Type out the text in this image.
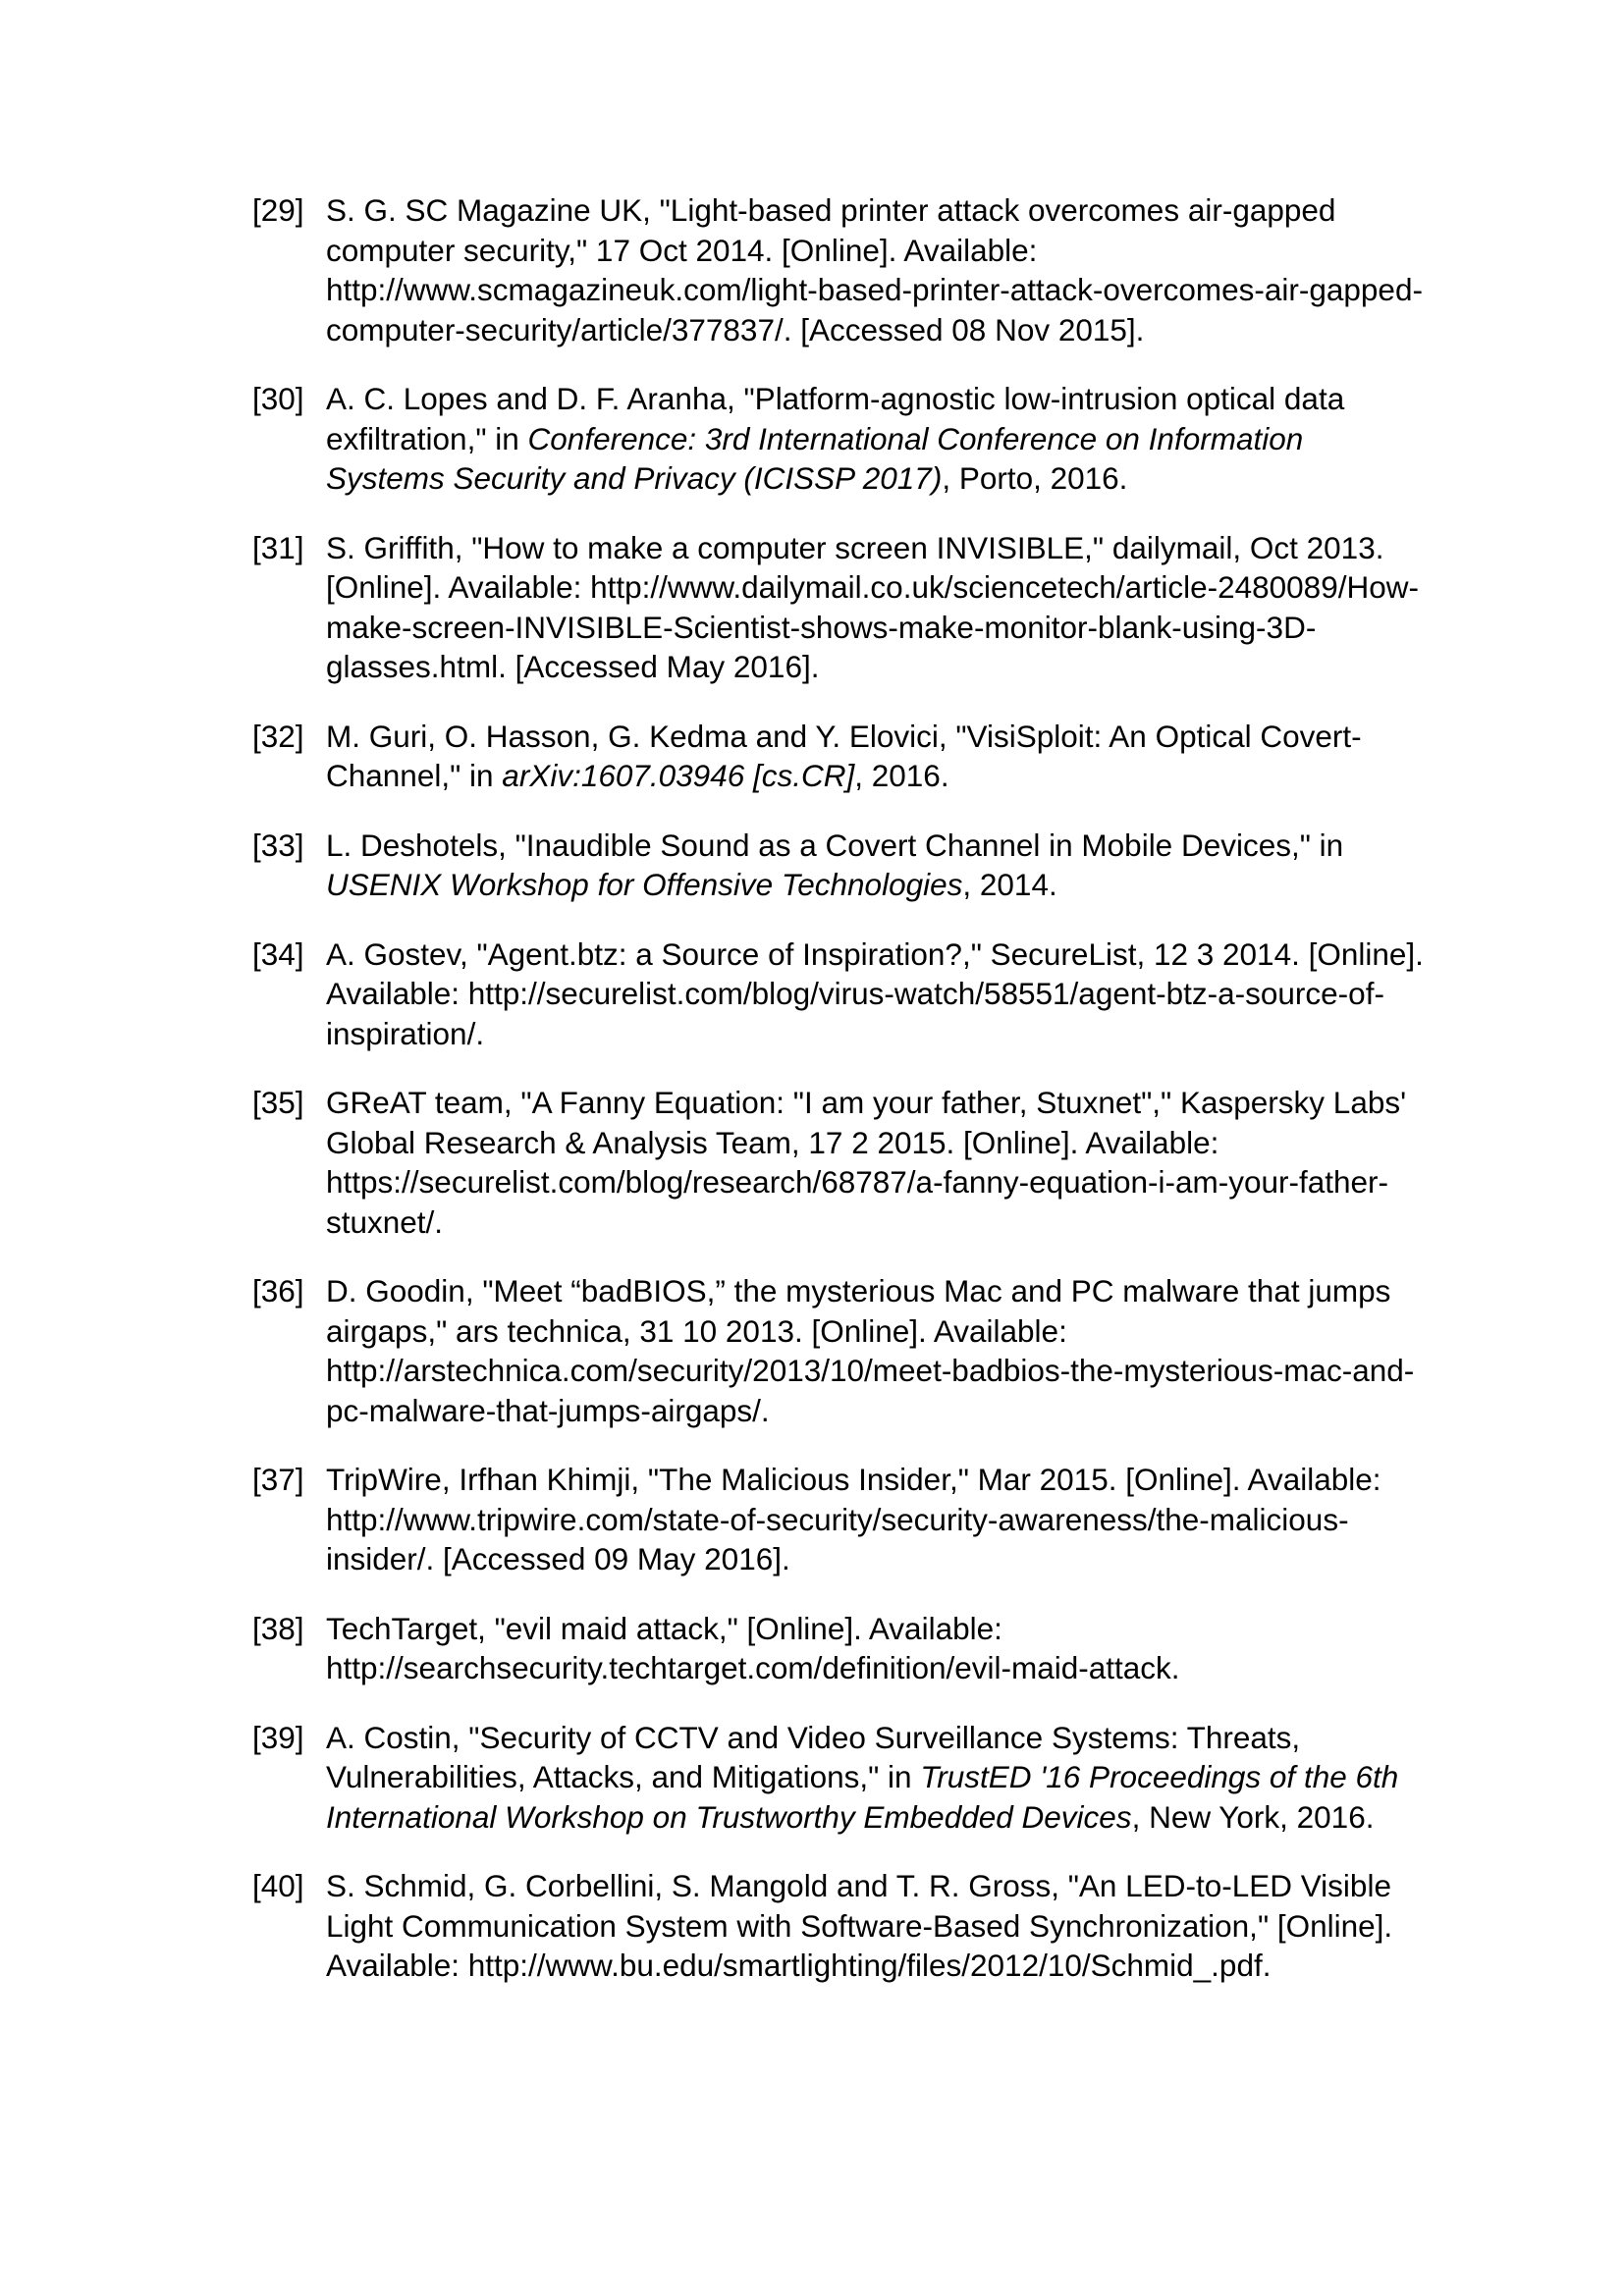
[29] S. G. SC Magazine UK, "Light-based printer attack overcomes air-gapped computer security," 17 Oct 2014. [Online]. Available: http://www.scmagazineuk.com/light-based-printer-attack-overcomes-air-gapped-computer-security/article/377837/. [Accessed 08 Nov 2015].
[30] A. C. Lopes and D. F. Aranha, "Platform-agnostic low-intrusion optical data exfiltration," in Conference: 3rd International Conference on Information Systems Security and Privacy (ICISSP 2017), Porto, 2016.
[31] S. Griffith, "How to make a computer screen INVISIBLE," dailymail, Oct 2013. [Online]. Available: http://www.dailymail.co.uk/sciencetech/article-2480089/How-make-screen-INVISIBLE-Scientist-shows-make-monitor-blank-using-3D-glasses.html. [Accessed May 2016].
[32] M. Guri, O. Hasson, G. Kedma and Y. Elovici, "VisiSploit: An Optical Covert-Channel," in arXiv:1607.03946 [cs.CR], 2016.
[33] L. Deshotels, "Inaudible Sound as a Covert Channel in Mobile Devices," in USENIX Workshop for Offensive Technologies, 2014.
[34] A. Gostev, "Agent.btz: a Source of Inspiration?," SecureList, 12 3 2014. [Online]. Available: http://securelist.com/blog/virus-watch/58551/agent-btz-a-source-of-inspiration/.
[35] GReAT team, "A Fanny Equation: "I am your father, Stuxnet"," Kaspersky Labs' Global Research & Analysis Team, 17 2 2015. [Online]. Available: https://securelist.com/blog/research/68787/a-fanny-equation-i-am-your-father-stuxnet/.
[36] D. Goodin, "Meet “badBIOS,” the mysterious Mac and PC malware that jumps airgaps," ars technica, 31 10 2013. [Online]. Available: http://arstechnica.com/security/2013/10/meet-badbios-the-mysterious-mac-and-pc-malware-that-jumps-airgaps/.
[37] TripWire, Irfhan Khimji, "The Malicious Insider," Mar 2015. [Online]. Available: http://www.tripwire.com/state-of-security/security-awareness/the-malicious-insider/. [Accessed 09 May 2016].
[38] TechTarget, "evil maid attack," [Online]. Available: http://searchsecurity.techtarget.com/definition/evil-maid-attack.
[39] A. Costin, "Security of CCTV and Video Surveillance Systems: Threats, Vulnerabilities, Attacks, and Mitigations," in TrustED '16 Proceedings of the 6th International Workshop on Trustworthy Embedded Devices, New York, 2016.
[40] S. Schmid, G. Corbellini, S. Mangold and T. R. Gross, "An LED-to-LED Visible Light Communication System with Software-Based Synchronization," [Online]. Available: http://www.bu.edu/smartlighting/files/2012/10/Schmid_.pdf.
